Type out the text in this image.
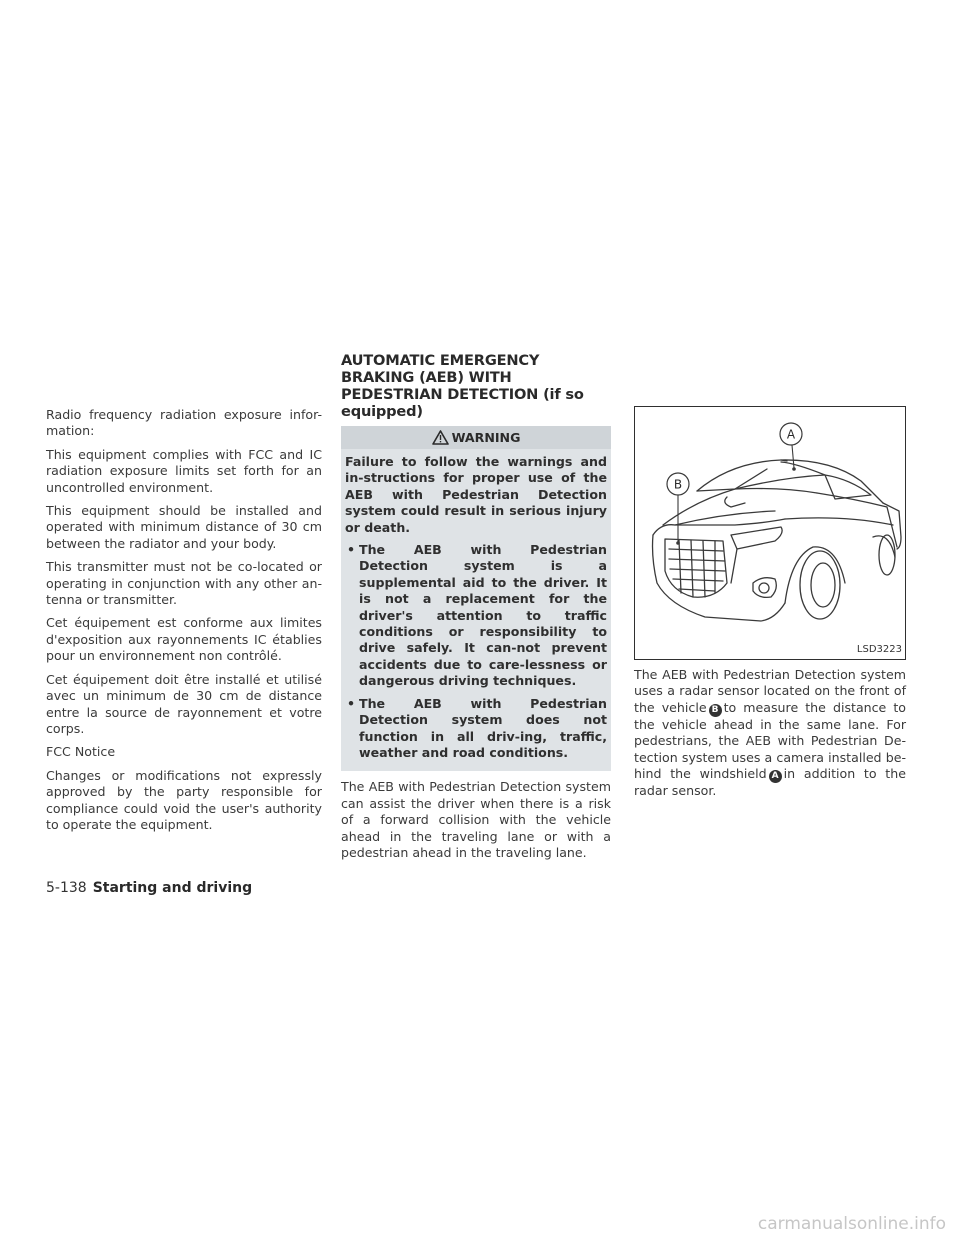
Radio frequency radiation exposure infor-mation:

This equipment complies with FCC and IC radiation exposure limits set forth for an uncontrolled environment.

This equipment should be installed and operated with minimum distance of 30 cm between the radiator and your body.

This transmitter must not be co-located or operating in conjunction with any other an-tenna or transmitter.

Cet équipement est conforme aux limites d'exposition aux rayonnements IC établies pour un environnement non contrôlé.

Cet équipement doit être installé et utilisé avec un minimum de 30 cm de distance entre la source de rayonnement et votre corps.

FCC Notice

Changes or modifications not expressly approved by the party responsible for compliance could void the user's authority to operate the equipment.

AUTOMATIC EMERGENCY BRAKING (AEB) WITH PEDESTRIAN DETECTION (if so equipped)
WARNING

Failure to follow the warnings and in-structions for proper use of the AEB with Pedestrian Detection system could result in serious injury or death.

• The AEB with Pedestrian Detection system is a supplemental aid to the driver. It is not a replacement for the driver's attention to traffic conditions or responsibility to drive safely. It can-not prevent accidents due to care-lessness or dangerous driving techniques.
• The AEB with Pedestrian Detection system does not function in all driv-ing, traffic, weather and road conditions.

The AEB with Pedestrian Detection system can assist the driver when there is a risk of a forward collision with the vehicle ahead in the traveling lane or with a pedestrian ahead in the traveling lane.

A
B
LSD3223

The AEB with Pedestrian Detection system uses a radar sensor located on the front of the vehicle B to measure the distance to the vehicle ahead in the same lane. For pedestrians, the AEB with Pedestrian De-tection system uses a camera installed be-hind the windshield A in addition to the radar sensor.

5-138 Starting and driving
carmanualsonline.info
